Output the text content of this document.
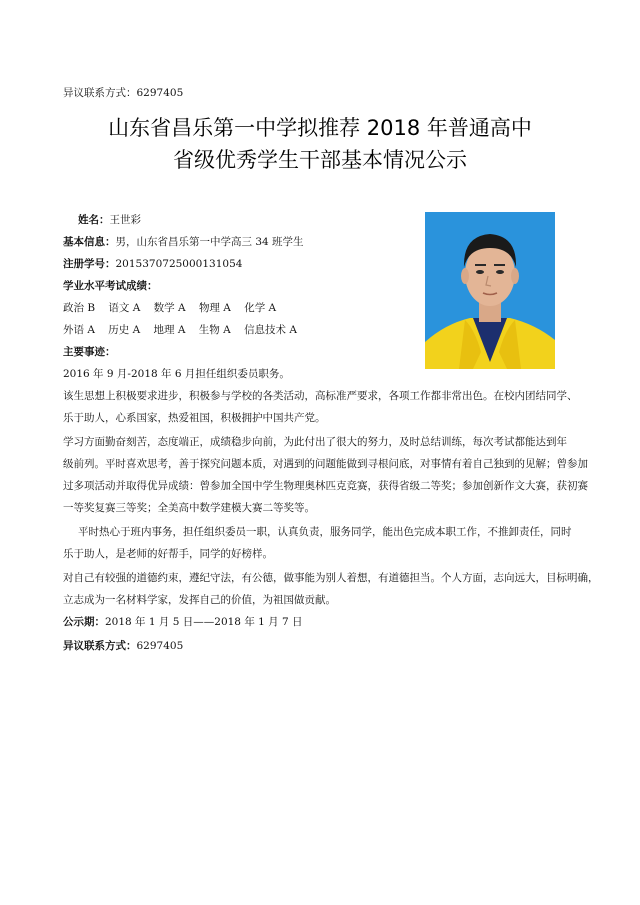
异议联系方式：6297405
山东省昌乐第一中学拟推荐 2018 年普通高中
省级优秀学生干部基本情况公示
姓名：王世彩
基本信息：男，山东省昌乐第一中学高三 34 班学生
注册学号：2015370725000131054
学业水平考试成绩：
政治 B 语文 A 数学 A 物理 A 化学 A
外语 A 历史 A 地理 A 生物 A 信息技术 A
主要事迹：
2016 年 9 月-2018 年 6 月担任组织委员职务。
该生思想上积极要求进步，积极参与学校的各类活动，高标准严要求，各项工作都非常出色。在校内团结同学、
乐于助人，心系国家，热爱祖国，积极拥护中国共产党。
学习方面勤奋刻苦，态度端正，成绩稳步向前，为此付出了很大的努力，及时总结训练，每次考试都能达到年
级前列。平时喜欢思考，善于探究问题本质，对遇到的问题能做到寻根问底，对事情有着自己独到的见解；曾参加
过多项活动并取得优异成绩：曾参加全国中学生物理奥林匹克竞赛，获得省级二等奖；参加创新作文大赛，获初赛
一等奖复赛三等奖；全美高中数学建模大赛二等奖等。
平时热心于班内事务，担任组织委员一职，认真负责，服务同学，能出色完成本职工作，不推卸责任，同时
乐于助人，是老师的好帮手，同学的好榜样。
对自己有较强的道德约束，遵纪守法，有公德，做事能为别人着想，有道德担当。个人方面，志向远大，目标明确，
立志成为一名材料学家，发挥自己的价值，为祖国做贡献。
公示期：2018 年 1 月 5 日——2018 年 1 月 7 日
异议联系方式：6297405
